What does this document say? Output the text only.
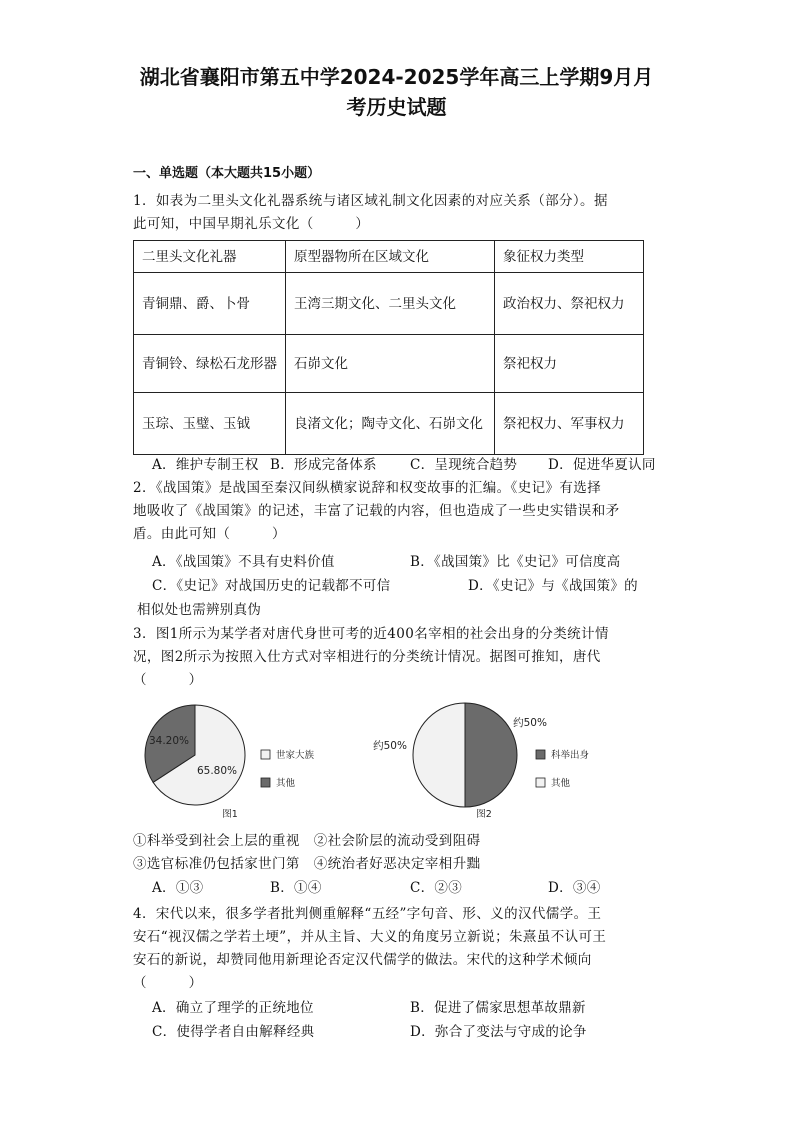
湖北省襄阳市第五中学2024-2025学年高三上学期9月月
考历史试题
一、单选题（本大题共15小题）
1．如表为二里头文化礼器系统与诸区域礼制文化因素的对应关系（部分）。据
此可知，中国早期礼乐文化（　　　）
二里头文化礼器	原型器物所在区域文化	象征权力类型
青铜鼎、爵、卜骨	王湾三期文化、二里头文化	政治权力、祭祀权力
青铜铃、绿松石龙形器	石峁文化	祭祀权力
玉琮、玉璧、玉钺	良渚文化；陶寺文化、石峁文化	祭祀权力、军事权力
A．维护专制王权 B．形成完备体系 C．呈现统合趋势 D．促进华夏认同
2．《战国策》是战国至秦汉间纵横家说辞和权变故事的汇编。《史记》有选择
地吸收了《战国策》的记述，丰富了记载的内容，但也造成了一些史实错误和矛
盾。由此可知（　　　）
A．《战国策》不具有史料价值	B．《战国策》比《史记》可信度高
C．《史记》对战国历史的记载都不可信	D．《史记》与《战国策》的
相似处也需辨别真伪
3．图1所示为某学者对唐代身世可考的近400名宰相的社会出身的分类统计情
况，图2所示为按照入仕方式对宰相进行的分类统计情况。据图可推知，唐代
（　　　）
65.80%
34.20%
世家大族
其他
图1
约50%
约50%
科举出身
其他
图2
①科举受到社会上层的重视　②社会阶层的流动受到阻碍
③选官标准仍包括家世门第　④统治者好恶决定宰相升黜
A．①③	B．①④	C．②③	D．③④
4．宋代以来，很多学者批判侧重解释“五经”字句音、形、义的汉代儒学。王
安石“视汉儒之学若土埂”，并从主旨、大义的角度另立新说；朱熹虽不认可王
安石的新说，却赞同他用新理论否定汉代儒学的做法。宋代的这种学术倾向
（　　　）
A．确立了理学的正统地位	B．促进了儒家思想革故鼎新
C．使得学者自由解释经典	D．弥合了变法与守成的论争
